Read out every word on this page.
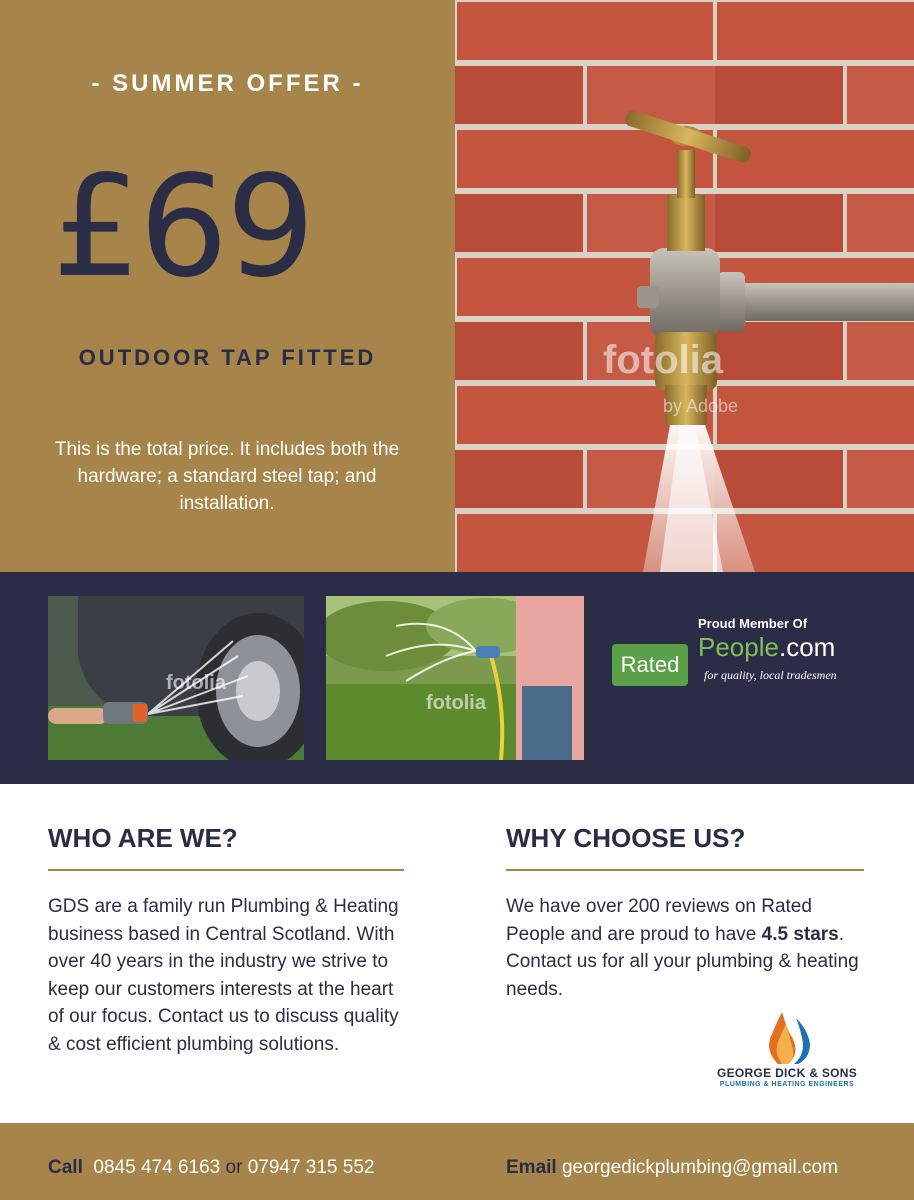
- SUMMER OFFER -
£69
OUTDOOR TAP FITTED
This is the total price. It includes both the hardware; a standard steel tap; and installation.
fotolia
by Adobe
fotolia
fotolia
Proud Member Of
Rated
People.com
for quality, local tradesmen
WHO ARE WE?

GDS are a family run Plumbing & Heating business based in Central Scotland. With over 40 years in the industry we strive to keep our customers interests at the heart of our focus. Contact us to discuss quality & cost efficient plumbing solutions.

WHY CHOOSE US?

We have over 200 reviews on Rated People and are proud to have 4.5 stars. Contact us for all your plumbing & heating needs.

GEORGE DICK & SONS
PLUMBING & HEATING ENGINEERS
Call 0845 474 6163 or 07947 315 552	Email georgedickplumbing@gmail.com
